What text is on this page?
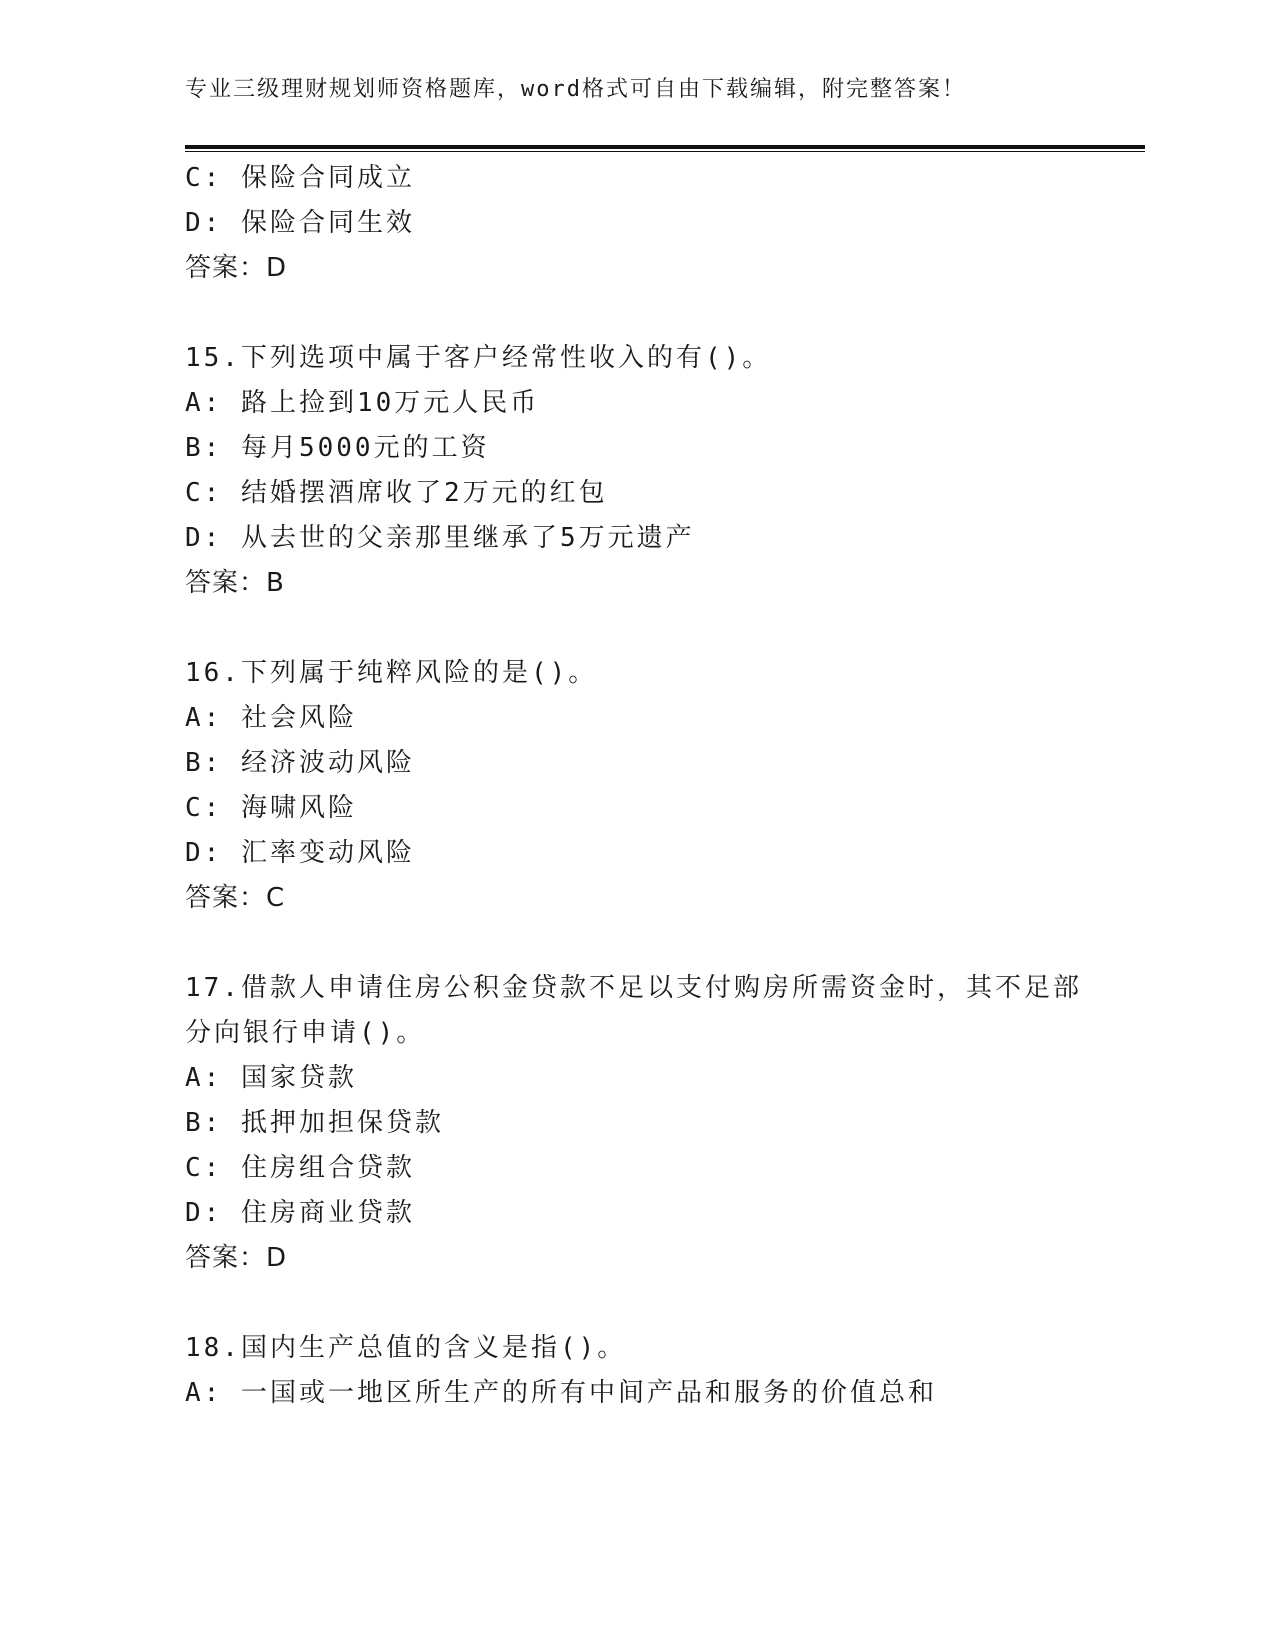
专业三级理财规划师资格题库，word格式可自由下载编辑，附完整答案！
C: 保险合同成立
D: 保险合同生效
答案：D
15.下列选项中属于客户经常性收入的有()。
A: 路上捡到10万元人民币
B: 每月5000元的工资
C: 结婚摆酒席收了2万元的红包
D: 从去世的父亲那里继承了5万元遗产
答案：B
16.下列属于纯粹风险的是()。
A: 社会风险
B: 经济波动风险
C: 海啸风险
D: 汇率变动风险
答案：C
17.借款人申请住房公积金贷款不足以支付购房所需资金时，其不足部
分向银行申请()。
A: 国家贷款
B: 抵押加担保贷款
C: 住房组合贷款
D: 住房商业贷款
答案：D
18.国内生产总值的含义是指()。
A: 一国或一地区所生产的所有中间产品和服务的价值总和
